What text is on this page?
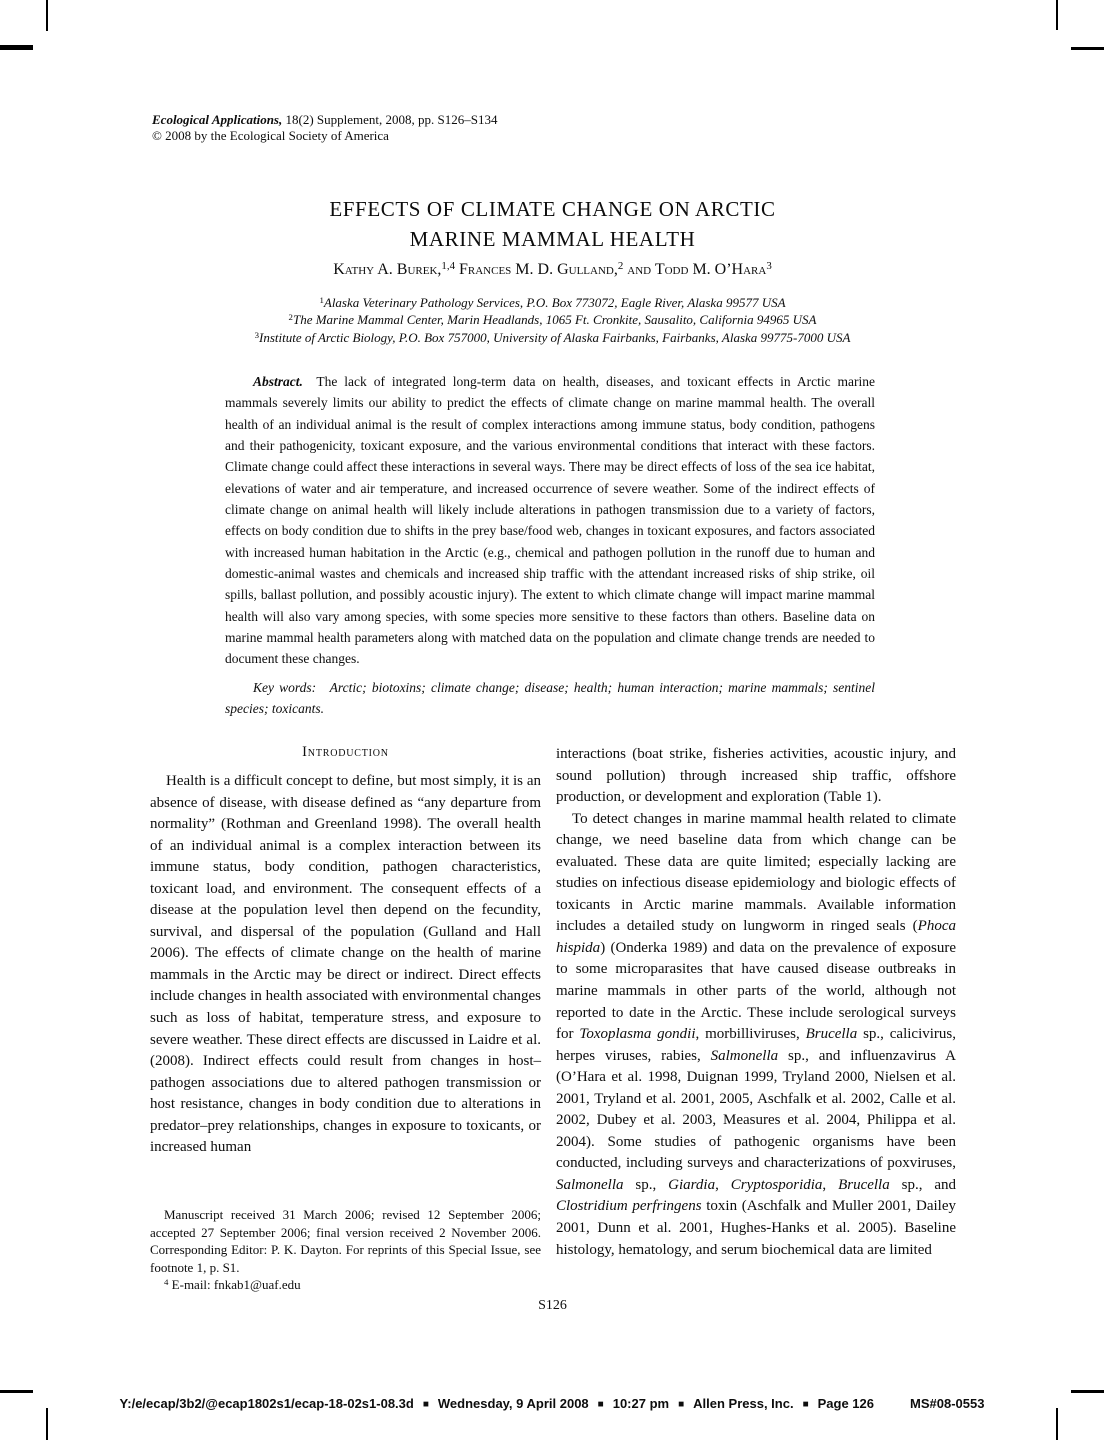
Ecological Applications, 18(2) Supplement, 2008, pp. S126–S134
© 2008 by the Ecological Society of America
EFFECTS OF CLIMATE CHANGE ON ARCTIC
MARINE MAMMAL HEALTH
Kathy A. Burek,$^{1,4}$ Frances M. D. Gulland,$^2$ and Todd M. O’Hara$^3$
$^1$Alaska Veterinary Pathology Services, P.O. Box 773072, Eagle River, Alaska 99577 USA
$^2$The Marine Mammal Center, Marin Headlands, 1065 Ft. Cronkite, Sausalito, California 94965 USA
$^3$Institute of Arctic Biology, P.O. Box 757000, University of Alaska Fairbanks, Fairbanks, Alaska 99775-7000 USA

Abstract. The lack of integrated long-term data on health, diseases, and toxicant effects in Arctic marine mammals severely limits our ability to predict the effects of climate change on marine mammal health. The overall health of an individual animal is the result of complex interactions among immune status, body condition, pathogens and their pathogenicity, toxicant exposure, and the various environmental conditions that interact with these factors. Climate change could affect these interactions in several ways. There may be direct effects of loss of the sea ice habitat, elevations of water and air temperature, and increased occurrence of severe weather. Some of the indirect effects of climate change on animal health will likely include alterations in pathogen transmission due to a variety of factors, effects on body condition due to shifts in the prey base/food web, changes in toxicant exposures, and factors associated with increased human habitation in the Arctic (e.g., chemical and pathogen pollution in the runoff due to human and domestic-animal wastes and chemicals and increased ship traffic with the attendant increased risks of ship strike, oil spills, ballast pollution, and possibly acoustic injury). The extent to which climate change will impact marine mammal health will also vary among species, with some species more sensitive to these factors than others. Baseline data on marine mammal health parameters along with matched data on the population and climate change trends are needed to document these changes.

Key words: Arctic; biotoxins; climate change; disease; health; human interaction; marine mammals; sentinel species; toxicants.

Introduction

Health is a difficult concept to define, but most simply, it is an absence of disease, with disease defined as “any departure from normality” (Rothman and Greenland 1998). The overall health of an individual animal is a complex interaction between its immune status, body condition, pathogen characteristics, toxicant load, and environment. The consequent effects of a disease at the population level then depend on the fecundity, survival, and dispersal of the population (Gulland and Hall 2006). The effects of climate change on the health of marine mammals in the Arctic may be direct or indirect. Direct effects include changes in health associated with environmental changes such as loss of habitat, temperature stress, and exposure to severe weather. These direct effects are discussed in Laidre et al. (2008). Indirect effects could result from changes in host–pathogen associations due to altered pathogen transmission or host resistance, changes in body condition due to alterations in predator–prey relationships, changes in exposure to toxicants, or increased human

interactions (boat strike, fisheries activities, acoustic injury, and sound pollution) through increased ship traffic, offshore production, or development and exploration (Table 1).

To detect changes in marine mammal health related to climate change, we need baseline data from which change can be evaluated. These data are quite limited; especially lacking are studies on infectious disease epidemiology and biologic effects of toxicants in Arctic marine mammals. Available information includes a detailed study on lungworm in ringed seals (Phoca hispida) (Onderka 1989) and data on the prevalence of exposure to some microparasites that have caused disease outbreaks in marine mammals in other parts of the world, although not reported to date in the Arctic. These include serological surveys for Toxoplasma gondii, morbilliviruses, Brucella sp., calicivirus, herpes viruses, rabies, Salmonella sp., and influenzavirus A (O’Hara et al. 1998, Duignan 1999, Tryland 2000, Nielsen et al. 2001, Tryland et al. 2001, 2005, Aschfalk et al. 2002, Calle et al. 2002, Dubey et al. 2003, Measures et al. 2004, Philippa et al. 2004). Some studies of pathogenic organisms have been conducted, including surveys and characterizations of poxviruses, Salmonella sp., Giardia, Cryptosporidia, Brucella sp., and Clostridium perfringens toxin (Aschfalk and Muller 2001, Dailey 2001, Dunn et al. 2001, Hughes-Hanks et al. 2005). Baseline histology, hematology, and serum biochemical data are limited

Manuscript received 31 March 2006; revised 12 September 2006; accepted 27 September 2006; final version received 2 November 2006. Corresponding Editor: P. K. Dayton. For reprints of this Special Issue, see footnote 1, p. S1.

$^4$ E-mail: fnkab1@uaf.edu

S126
Y:/e/ecap/3b2/@ecap1802s1/ecap-18-02s1-08.3d ■ Wednesday, 9 April 2008 ■ 10:27 pm ■ Allen Press, Inc. ■ Page 126	MS#08-0553
